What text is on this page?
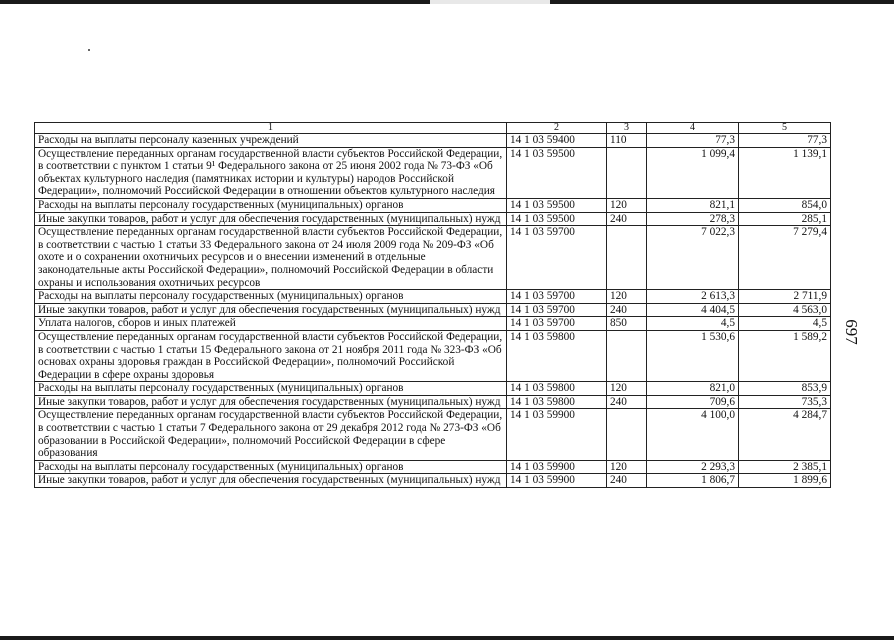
697
1	2	3	4	5
Расходы на выплаты персоналу казенных учреждений	14 1 03 59400	110	77,3	77,3
Осуществление переданных органам государственной власти субъектов Российской Федерации, в соответствии с пунктом 1 статьи 9¹ Федерального закона от 25 июня 2002 года № 73-ФЗ «Об объектах культурного наследия (памятниках истории и культуры) народов Российской Федерации», полномочий Российской Федерации в отношении объектов культурного наследия	14 1 03 59500		1 099,4	1 139,1
Расходы на выплаты персоналу государственных (муниципальных) органов	14 1 03 59500	120	821,1	854,0
Иные закупки товаров, работ и услуг для обеспечения государственных (муниципальных) нужд	14 1 03 59500	240	278,3	285,1
Осуществление переданных органам государственной власти субъектов Российской Федерации, в соответствии с частью 1 статьи 33 Федерального закона от 24 июля 2009 года № 209-ФЗ «Об охоте и о сохранении охотничьих ресурсов и о внесении изменений в отдельные законодательные акты Российской Федерации», полномочий Российской Федерации в области охраны и использования охотничьих ресурсов	14 1 03 59700		7 022,3	7 279,4
Расходы на выплаты персоналу государственных (муниципальных) органов	14 1 03 59700	120	2 613,3	2 711,9
Иные закупки товаров, работ и услуг для обеспечения государственных (муниципальных) нужд	14 1 03 59700	240	4 404,5	4 563,0
Уплата налогов, сборов и иных платежей	14 1 03 59700	850	4,5	4,5
Осуществление переданных органам государственной власти субъектов Российской Федерации, в соответствии с частью 1 статьи 15 Федерального закона от 21 ноября 2011 года № 323-ФЗ «Об основах охраны здоровья граждан в Российской Федерации», полномочий Российской Федерации в сфере охраны здоровья	14 1 03 59800		1 530,6	1 589,2
Расходы на выплаты персоналу государственных (муниципальных) органов	14 1 03 59800	120	821,0	853,9
Иные закупки товаров, работ и услуг для обеспечения государственных (муниципальных) нужд	14 1 03 59800	240	709,6	735,3
Осуществление переданных органам государственной власти субъектов Российской Федерации, в соответствии с частью 1 статьи 7 Федерального закона от 29 декабря 2012 года № 273-ФЗ «Об образовании в Российской Федерации», полномочий Российской Федерации в сфере образования	14 1 03 59900		4 100,0	4 284,7
Расходы на выплаты персоналу государственных (муниципальных) органов	14 1 03 59900	120	2 293,3	2 385,1
Иные закупки товаров, работ и услуг для обеспечения государственных (муниципальных) нужд	14 1 03 59900	240	1 806,7	1 899,6
